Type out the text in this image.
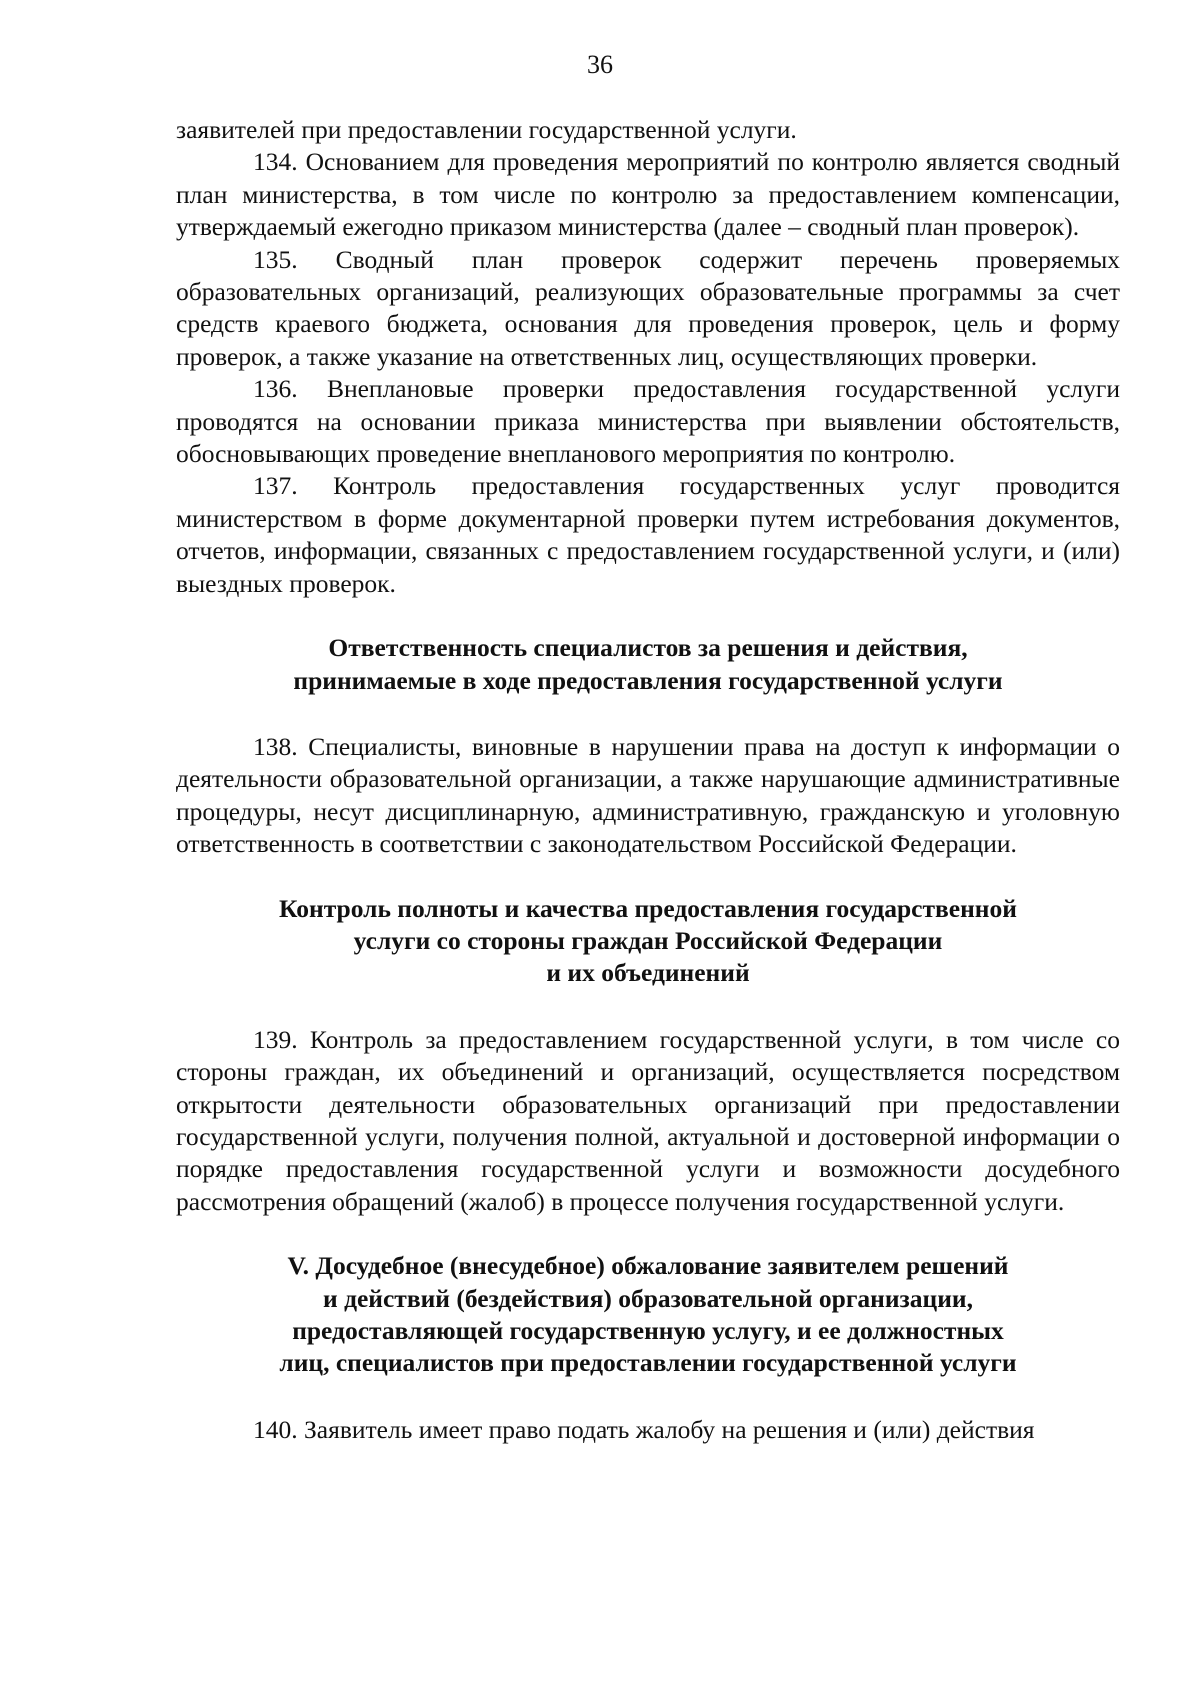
36

заявителей при предоставлении государственной услуги.

134. Основанием для проведения мероприятий по контролю является сводный план министерства, в том числе по контролю за предоставлением компенсации, утверждаемый ежегодно приказом министерства (далее – сводный план проверок).

135. Сводный план проверок содержит перечень проверяемых образовательных организаций, реализующих образовательные программы за счет средств краевого бюджета, основания для проведения проверок, цель и форму проверок, а также указание на ответственных лиц, осуществляющих проверки.

136. Внеплановые проверки предоставления государственной услуги проводятся на основании приказа министерства при выявлении обстоятельств, обосновывающих проведение внепланового мероприятия по контролю.

137. Контроль предоставления государственных услуг проводится министерством в форме документарной проверки путем истребования документов, отчетов, информации, связанных с предоставлением государственной услуги, и (или) выездных проверок.

Ответственность специалистов за решения и действия,
принимаемые в ходе предоставления государственной услуги

138. Специалисты, виновные в нарушении права на доступ к информации о деятельности образовательной организации, а также нарушающие административные процедуры, несут дисциплинарную, административную, гражданскую и уголовную ответственность в соответствии с законодательством Российской Федерации.

Контроль полноты и качества предоставления государственной
услуги со стороны граждан Российской Федерации
и их объединений

139. Контроль за предоставлением государственной услуги, в том числе со стороны граждан, их объединений и организаций, осуществляется посредством открытости деятельности образовательных организаций при предоставлении государственной услуги, получения полной, актуальной и достоверной информации о порядке предоставления государственной услуги и возможности досудебного рассмотрения обращений (жалоб) в процессе получения государственной услуги.

V. Досудебное (внесудебное) обжалование заявителем решений
и действий (бездействия) образовательной организации,
предоставляющей государственную услугу, и ее должностных
лиц, специалистов при предоставлении государственной услуги

140. Заявитель имеет право подать жалобу на решения и (или) действия
